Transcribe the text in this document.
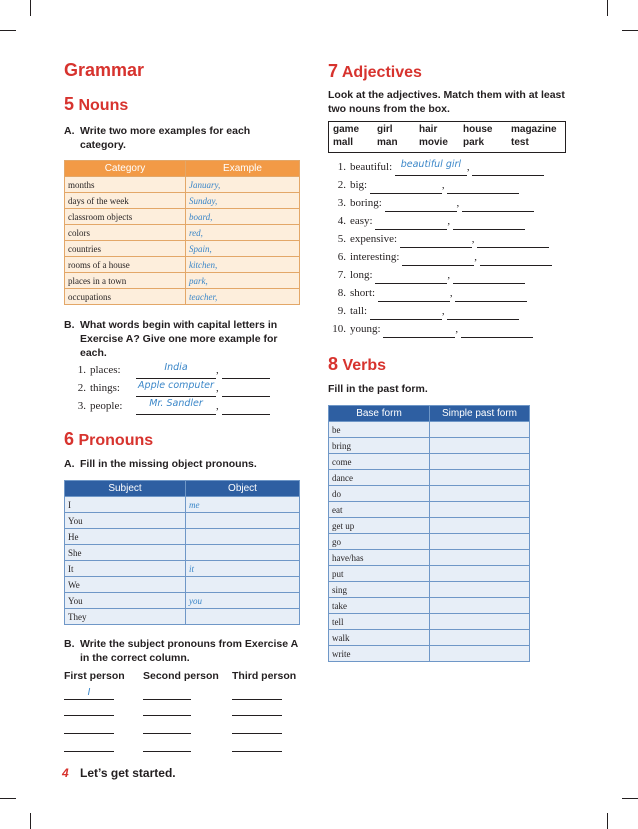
Grammar
5 Nouns
A. Write two more examples for each category.
Category	Example
months	January,
days of the week	Sunday,
classroom objects	board,
colors	red,
countries	Spain,
rooms of a house	kitchen,
places in a town	park,
occupations	teacher,
B. What words begin with capital letters in Exercise A? Give one more example for each.
1. places:	India	,
2. things: Apple computer ,
3. people:	Mr. Sandler	,
6 Pronouns
A. Fill in the missing object pronouns.
Subject	Object
I	me
You	
He	
She	
It	it
We	
You	you
They	
B. Write the subject pronouns from Exercise A in the correct column.
First person Second person Third person
I
4 Let’s get started.
7 Adjectives
Look at the adjectives. Match them with at least two nouns from the box.
game	girl	hair	house	magazine
mall	man	movie	park	test
1. beautiful: beautiful girl ,
2. big:	,
3. boring:	,
4. easy:	,
5. expensive:	,
6. interesting:	,
7. long:	,
8. short:	,
9. tall:	,
10. young:	,
8 Verbs
Fill in the past form.
Base form	Simple past form
be	
bring	
come	
dance	
do	
eat	
get up	
go	
have/has	
put	
sing	
take	
tell	
walk	
write	
